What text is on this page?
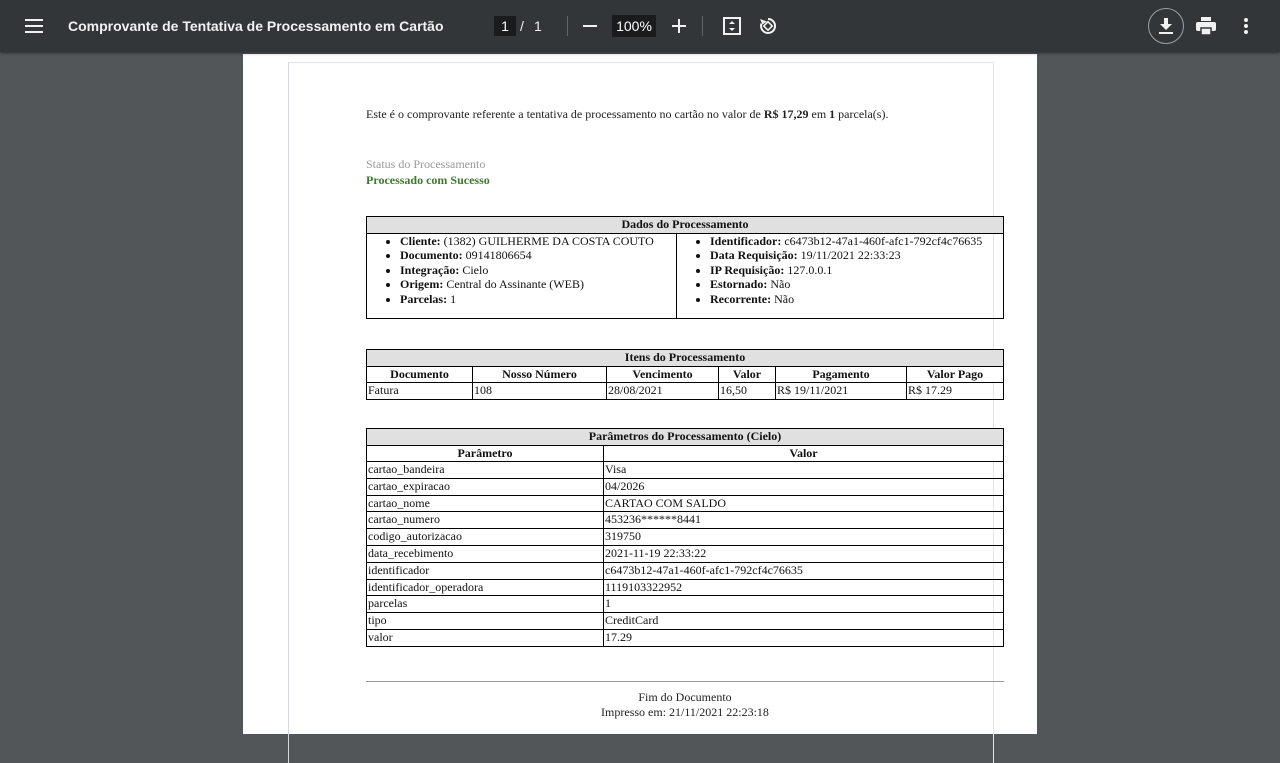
Comprovante de Tentativa de Processamento em Cartão	1 / 1	100%
Este é o comprovante referente a tentativa de processamento no cartão no valor de R$ 17,29 em 1 parcela(s).
Status do Processamento
Processado com Sucesso
Dados do Processamento

• Cliente: (1382) GUILHERME DA COSTA COUTO
• Documento: 09141806654
• Integração: Cielo
• Origem: Central do Assinante (WEB)
• Parcelas: 1

• Identificador: c6473b12-47a1-460f-afc1-792cf4c76635
• Data Requisição: 19/11/2021 22:33:23
• IP Requisição: 127.0.0.1
• Estornado: Não
• Recorrente: Não
Itens do Processamento					
Documento	Nosso Número	Vencimento	Valor	Pagamento	Valor Pago
Fatura	108	28/08/2021	16,50	R$ 19/11/2021	R$ 17.29
Parâmetros do Processamento (Cielo)	
Parâmetro	Valor
cartao_bandeira	Visa
cartao_expiracao	04/2026
cartao_nome	CARTAO COM SALDO
cartao_numero	453236******8441
codigo_autorizacao	319750
data_recebimento	2021-11-19 22:33:22
identificador	c6473b12-47a1-460f-afc1-792cf4c76635
identificador_operadora	1119103322952
parcelas	1
tipo	CreditCard
valor	17.29
Fim do Documento
Impresso em: 21/11/2021 22:23:18
